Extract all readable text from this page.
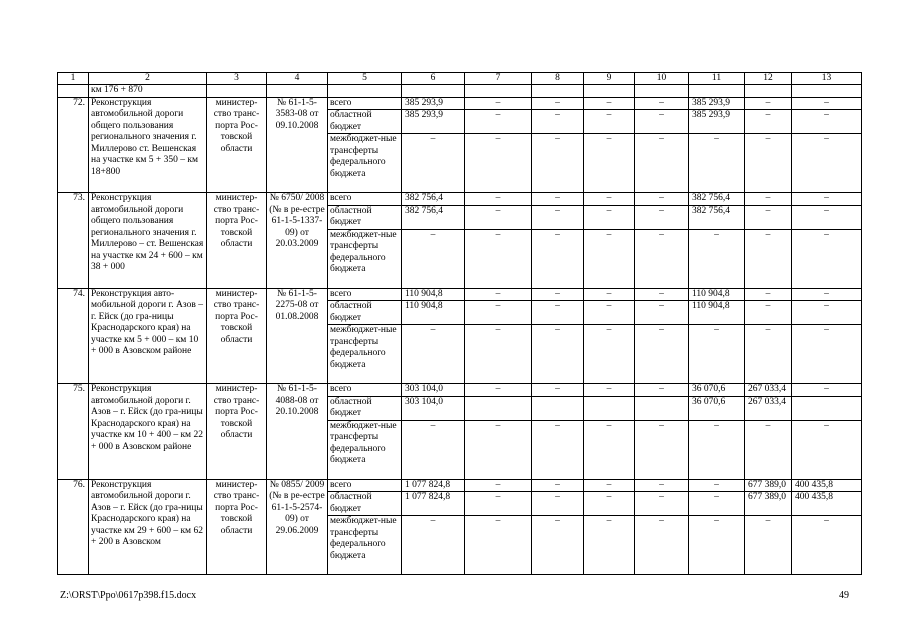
1	2	3	4	5	6	7	8	9	10	11	12	13
	км 176 + 870											
72.	Реконструкция автомобильной дороги общего пользования регионального значения г. Миллерово ст. Вешенская на участке км 5 + 350 – км 18+800	министер-ство транс-порта Рос-товской области	№ 61-1-5-3583-08 от 09.10.2008	всего	385 293,9	–	–	–	–	385 293,9	–	–
				областной бюджет	385 293,9	–	–	–	–	385 293,9	–	–
				межбюджет-ные трансферты федерального бюджета	–	–	–	–	–	–	–	–
73.	Реконструкция автомобильной дороги общего пользования регионального значения г. Миллерово – ст. Вешенская на участке км 24 + 600 – км 38 + 000	министер-ство транс-порта Рос-товской области	№ 6750/ 2008 (№ в ре-естре 61-1-5-1337-09) от 20.03.2009	всего	382 756,4	–	–	–	–	382 756,4	–	–
				областной бюджет	382 756,4	–	–	–	–	382 756,4	–	–
				межбюджет-ные трансферты федерального бюджета	–	–	–	–	–	–	–	–
74.	Реконструкция авто-мобильной дороги г. Азов – г. Ейск (до гра-ницы Краснодарского края) на участке км 5 + 000 – км 10 + 000 в Азовском районе	министер-ство транс-порта Рос-товской области	№ 61-1-5-2275-08 от 01.08.2008	всего	110 904,8	–	–	–	–	110 904,8	–	–
				областной бюджет	110 904,8	–	–	–	–	110 904,8	–	–
				межбюджет-ные трансферты федерального бюджета	–	–	–	–	–	–	–	–
75.	Реконструкция автомобильной дороги г. Азов – г. Ейск (до гра-ницы Краснодарского края) на участке км 10 + 400 – км 22 + 000 в Азовском районе	министер-ство транс-порта Рос-товской области	№ 61-1-5-4088-08 от 20.10.2008	всего	303 104,0	–	–	–	–	36 070,6	267 033,4	–
				областной бюджет	303 104,0					36 070,6	267 033,4	
				межбюджет-ные трансферты федерального бюджета	–	–	–	–	–	–	–	–
76.	Реконструкция автомобильной дороги г. Азов – г. Ейск (до гра-ницы Краснодарского края) на участке км 29 + 600 – км 62 + 200 в Азовском	министер-ство транс-порта Рос-товской области	№ 0855/ 2009 (№ в ре-естре 61-1-5-2574-09) от 29.06.2009	всего	1 077 824,8	–	–	–	–	–	677 389,0	400 435,8
				областной бюджет	1 077 824,8	–	–	–	–	–	677 389,0	400 435,8
				межбюджет-ные трансферты федерального бюджета	–	–	–	–	–	–	–	–
Z:\ORST\Ppo\0617p398.f15.docx	49
